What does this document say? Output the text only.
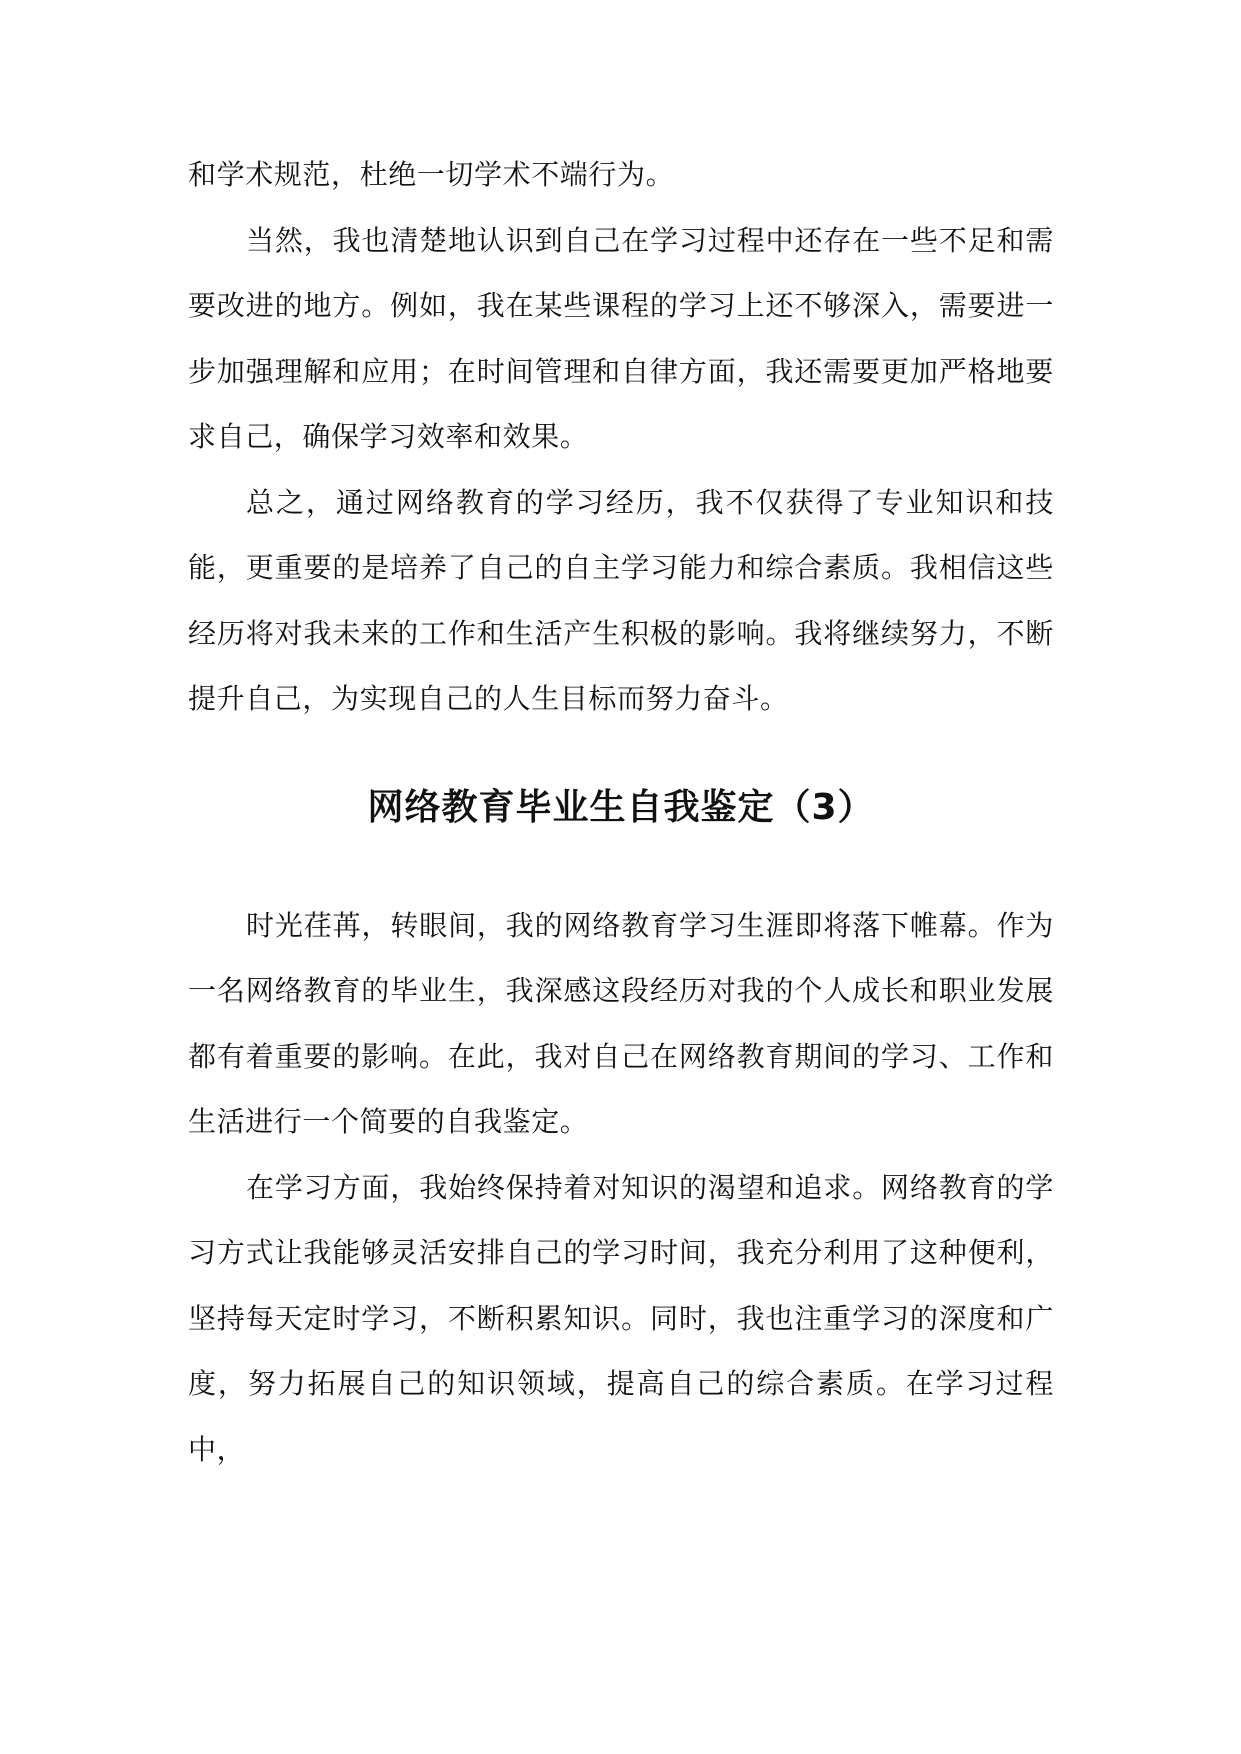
和学术规范，杜绝一切学术不端行为。

当然，我也清楚地认识到自己在学习过程中还存在一些不足和需要改进的地方。例如，我在某些课程的学习上还不够深入，需要进一步加强理解和应用；在时间管理和自律方面，我还需要更加严格地要求自己，确保学习效率和效果。

总之，通过网络教育的学习经历，我不仅获得了专业知识和技能，更重要的是培养了自己的自主学习能力和综合素质。我相信这些经历将对我未来的工作和生活产生积极的影响。我将继续努力，不断提升自己，为实现自己的人生目标而努力奋斗。

网络教育毕业生自我鉴定（3）

时光荏苒，转眼间，我的网络教育学习生涯即将落下帷幕。作为一名网络教育的毕业生，我深感这段经历对我的个人成长和职业发展都有着重要的影响。在此，我对自己在网络教育期间的学习、工作和生活进行一个简要的自我鉴定。

在学习方面，我始终保持着对知识的渴望和追求。网络教育的学习方式让我能够灵活安排自己的学习时间，我充分利用了这种便利，坚持每天定时学习，不断积累知识。同时，我也注重学习的深度和广度，努力拓展自己的知识领域，提高自己的综合素质。在学习过程中，
